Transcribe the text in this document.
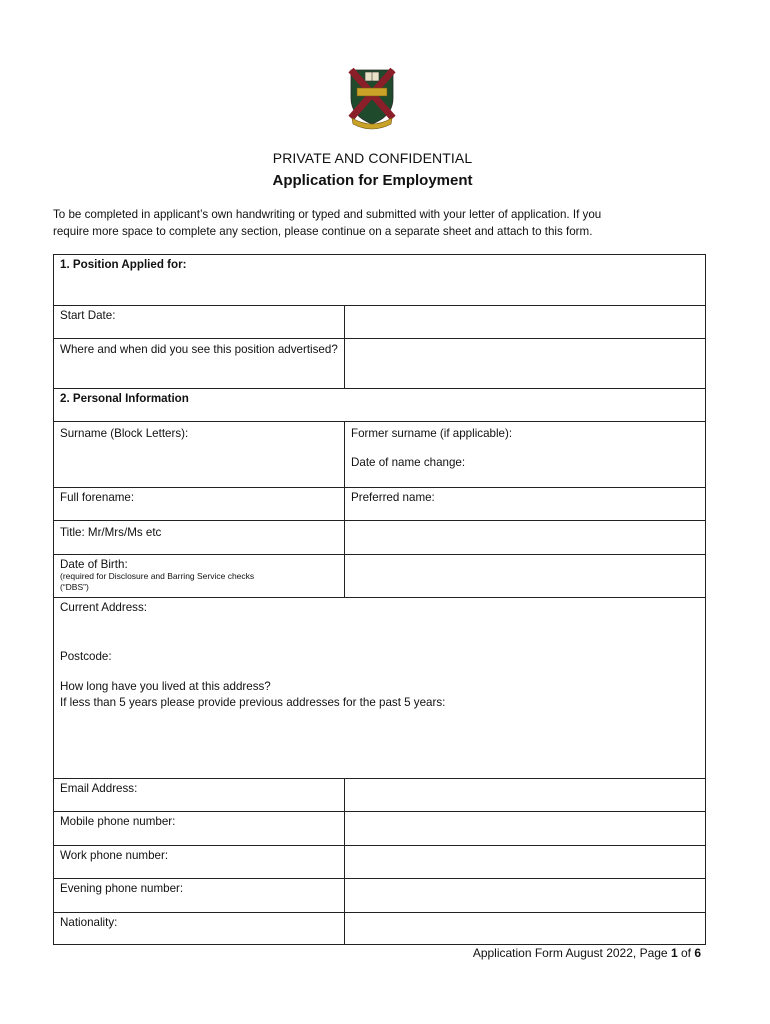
PRIVATE AND CONFIDENTIAL
Application for Employment
To be completed in applicant’s own handwriting or typed and submitted with your letter of application. If you
require more space to complete any section, please continue on a separate sheet and attach to this form.
1. Position Applied for:	
Start Date:	
Where and when did you see this position advertised?	
2. Personal Information	
Surname (Block Letters):	Former surname (if applicable):
Date of name change:
Full forename:	Preferred name:
Title: Mr/Mrs/Ms etc	
Date of Birth:
(required for Disclosure and Barring Service checks
(“DBS”)	

Current Address:
Postcode:
How long have you lived at this address?
If less than 5 years please provide previous addresses for the past 5 years:	
Email Address:	
Mobile phone number:	
Work phone number:	
Evening phone number:	
Nationality:	
Application Form August 2022, Page 1 of 6
